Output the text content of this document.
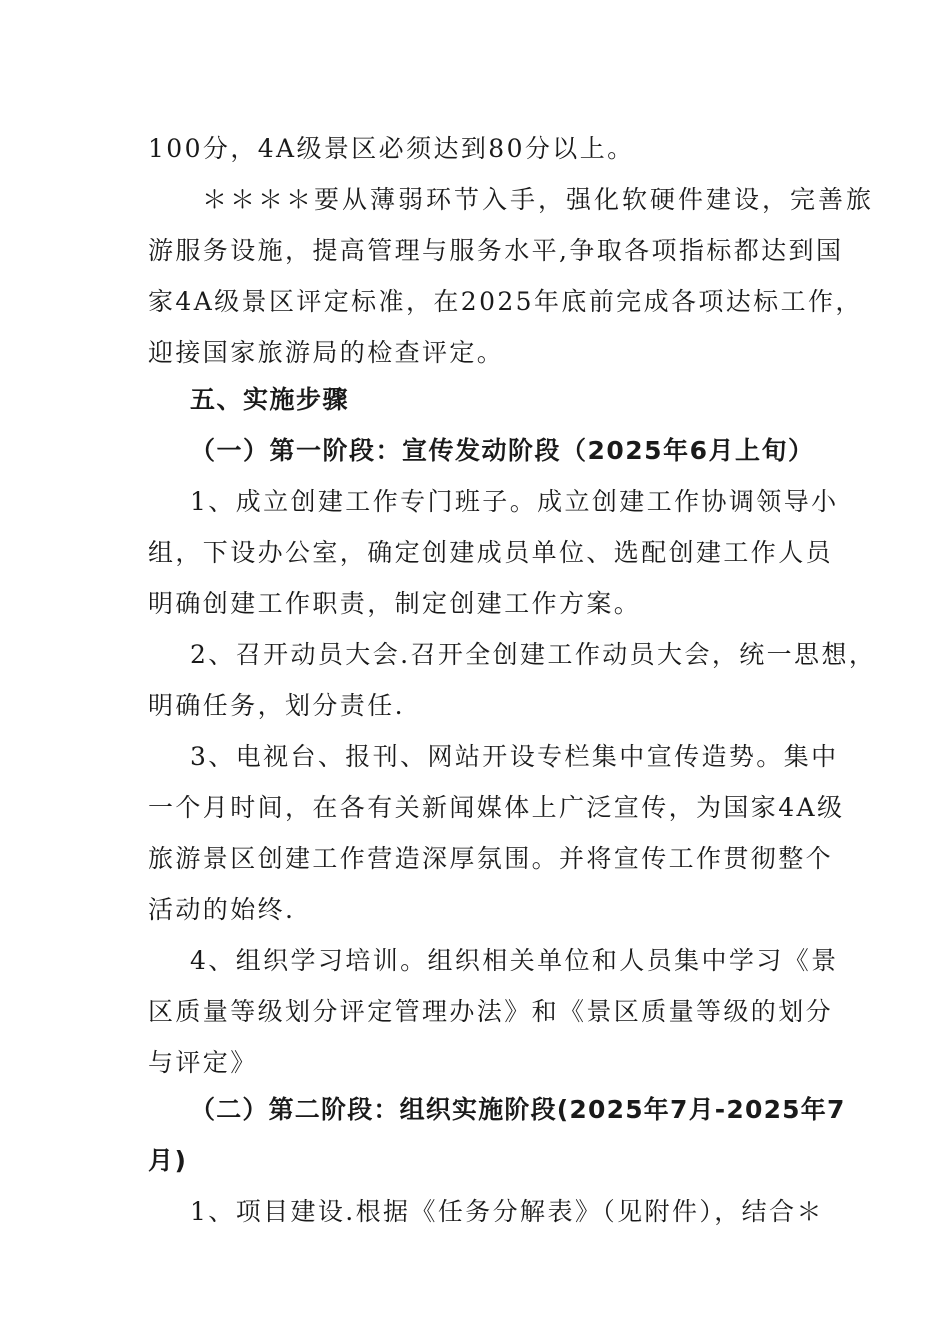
100分，4A级景区必须达到80分以上。
＊＊＊＊要从薄弱环节入手，强化软硬件建设，完善旅
游服务设施，提高管理与服务水平,争取各项指标都达到国
家4A级景区评定标准，在2025年底前完成各项达标工作，
迎接国家旅游局的检查评定。
五、实施步骤
（一）第一阶段：宣传发动阶段（2025年6月上旬）
1、成立创建工作专门班子。成立创建工作协调领导小
组，下设办公室，确定创建成员单位、选配创建工作人员
明确创建工作职责，制定创建工作方案。
2、召开动员大会.召开全创建工作动员大会，统一思想，
明确任务，划分责任.
3、电视台、报刊、网站开设专栏集中宣传造势。集中
一个月时间，在各有关新闻媒体上广泛宣传，为国家4A级
旅游景区创建工作营造深厚氛围。并将宣传工作贯彻整个
活动的始终.
4、组织学习培训。组织相关单位和人员集中学习《景
区质量等级划分评定管理办法》和《景区质量等级的划分
与评定》
（二）第二阶段：组织实施阶段(2025年7月-2025年7
月)
1、项目建设.根据《任务分解表》（见附件），结合＊
